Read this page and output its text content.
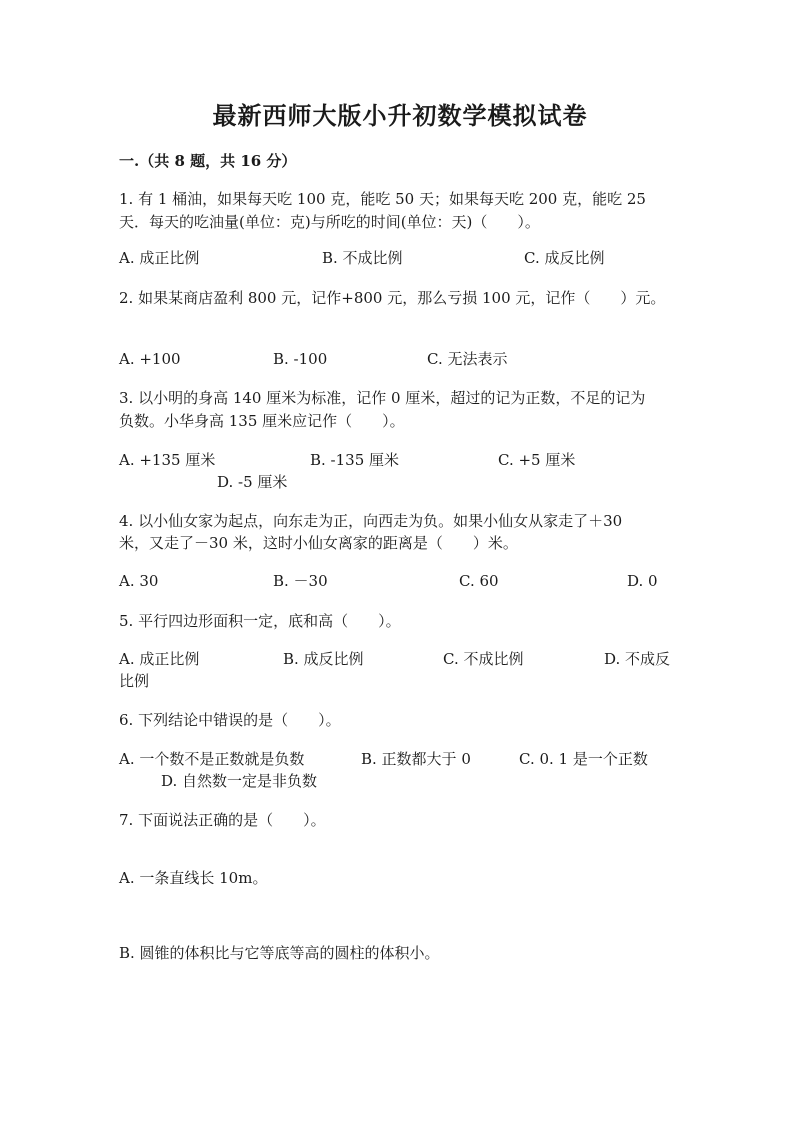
最新西师大版小升初数学模拟试卷
一.（共 8 题，共 16 分）
1. 有 1 桶油，如果每天吃 100 克，能吃 50 天；如果每天吃 200 克，能吃 25
天．每天的吃油量(单位：克)与所吃的时间(单位：天)（　　）。
A. 成正比例	B. 不成比例	C. 成反比例
2. 如果某商店盈利 800 元，记作+800 元，那么亏损 100 元，记作（　　）元。
A. +100	B. -100	C. 无法表示
3. 以小明的身高 140 厘米为标准，记作 0 厘米，超过的记为正数，不足的记为
负数。小华身高 135 厘米应记作（　　）。
A. +135 厘米	B. -135 厘米	C. +5 厘米
D. -5 厘米
4. 以小仙女家为起点，向东走为正，向西走为负。如果小仙女从家走了＋30
米，又走了－30 米，这时小仙女离家的距离是（　　）米。
A. 30	B. －30	C. 60	D. 0
5. 平行四边形面积一定，底和高（　　）。
A. 成正比例	B. 成反比例	C. 不成比例	D. 不成反
比例
6. 下列结论中错误的是（　　）。
A. 一个数不是正数就是负数	B. 正数都大于 0	C. 0. 1 是一个正数
D. 自然数一定是非负数
7. 下面说法正确的是（　　）。
A. 一条直线长 10m。
B. 圆锥的体积比与它等底等高的圆柱的体积小。
